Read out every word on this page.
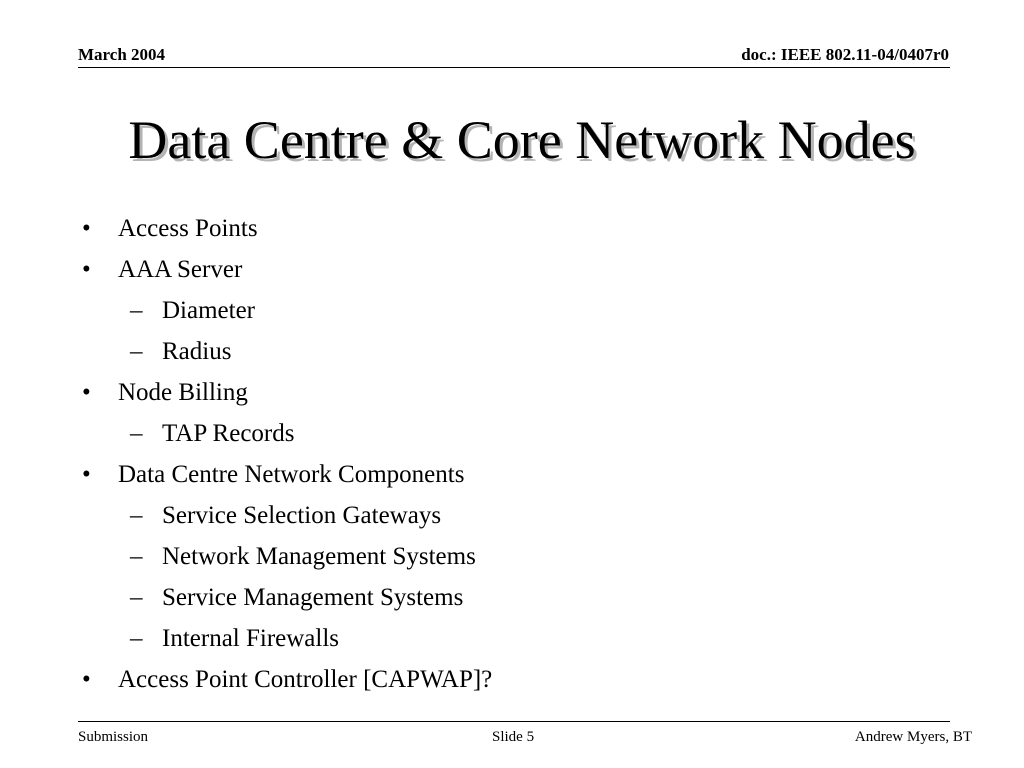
March 2004	doc.: IEEE 802.11-04/0407r0
Data Centre & Core Network Nodes
• Access Points
• AAA Server
– Diameter
– Radius
• Node Billing
– TAP Records
• Data Centre Network Components
– Service Selection Gateways
– Network Management Systems
– Service Management Systems
– Internal Firewalls
• Access Point Controller [CAPWAP]?
Submission	Slide 5	Andrew Myers, BT
